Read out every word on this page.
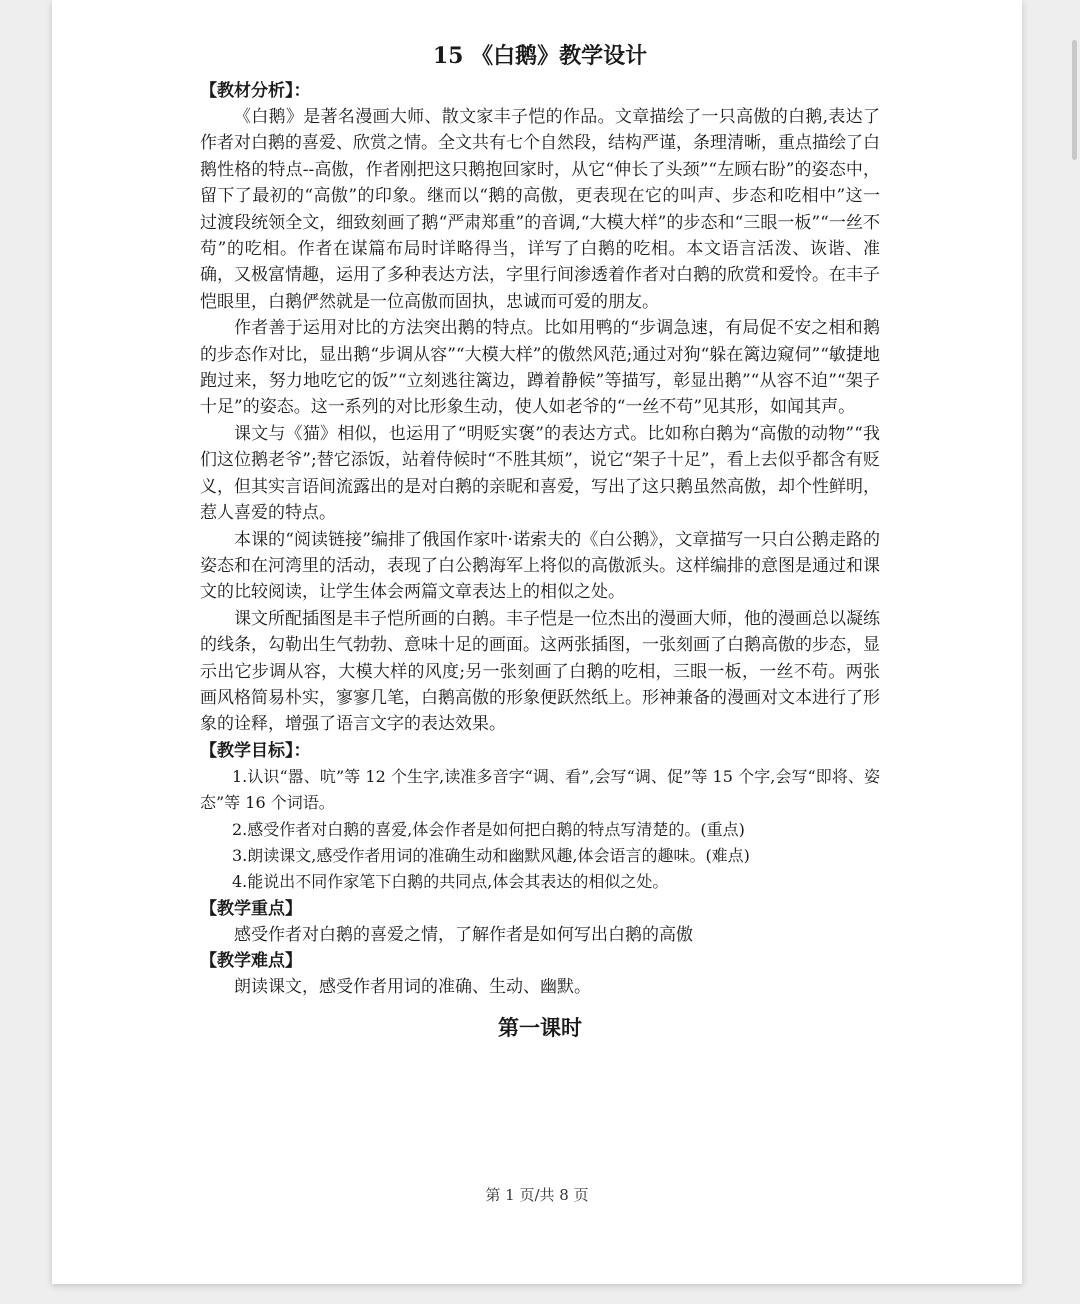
15 《白鹅》教学设计
【教材分析】：

《白鹅》是著名漫画大师、散文家丰子恺的作品。文章描绘了一只高傲的白鹅,表达了作者对白鹅的喜爱、欣赏之情。全文共有七个自然段，结构严谨，条理清晰，重点描绘了白鹅性格的特点--高傲，作者刚把这只鹅抱回家时，从它“伸长了头颈”“左顾右盼”的姿态中，留下了最初的“高傲”的印象。继而以“鹅的高傲，更表现在它的叫声、步态和吃相中”这一过渡段统领全文，细致刻画了鹅“严肃郑重”的音调,“大模大样”的步态和“三眼一板”“一丝不苟”的吃相。作者在谋篇布局时详略得当，详写了白鹅的吃相。本文语言活泼、诙谐、准确，又极富情趣，运用了多种表达方法，字里行间渗透着作者对白鹅的欣赏和爱怜。在丰子恺眼里，白鹅俨然就是一位高傲而固执，忠诚而可爱的朋友。

作者善于运用对比的方法突出鹅的特点。比如用鸭的“步调急速，有局促不安之相和鹅的步态作对比，显出鹅“步调从容”“大模大样”的傲然风范;通过对狗“躲在篱边窥伺”“敏捷地跑过来，努力地吃它的饭”“立刻逃往篱边，蹲着静候”等描写，彰显出鹅”“从容不迫”“架子十足”的姿态。这一系列的对比形象生动，使人如老爷的“一丝不苟”见其形，如闻其声。

课文与《猫》相似，也运用了“明贬实褒”的表达方式。比如称白鹅为“高傲的动物”“我们这位鹅老爷”;替它添饭，站着侍候时“不胜其烦”，说它“架子十足”，看上去似乎都含有贬义，但其实言语间流露出的是对白鹅的亲昵和喜爱，写出了这只鹅虽然高傲，却个性鲜明，惹人喜爱的特点。

本课的“阅读链接”编排了俄国作家叶·诺索夫的《白公鹅》，文章描写一只白公鹅走路的姿态和在河湾里的活动，表现了白公鹅海军上将似的高傲派头。这样编排的意图是通过和课文的比较阅读，让学生体会两篇文章表达上的相似之处。

课文所配插图是丰子恺所画的白鹅。丰子恺是一位杰出的漫画大师，他的漫画总以凝练的线条，勾勒出生气勃勃、意味十足的画面。这两张插图，一张刻画了白鹅高傲的步态，显示出它步调从容，大模大样的风度;另一张刻画了白鹅的吃相，三眼一板，一丝不苟。两张画风格简易朴实，寥寥几笔，白鹅高傲的形象便跃然纸上。形神兼备的漫画对文本进行了形象的诠释，增强了语言文字的表达效果。

【教学目标】：

1.认识“嚣、吭”等 12 个生字,读准多音字“调、看”,会写“调、促”等 15 个字,会写“即将、姿态”等 16 个词语。

2.感受作者对白鹅的喜爱,体会作者是如何把白鹅的特点写清楚的。(重点)

3.朗读课文,感受作者用词的准确生动和幽默风趣,体会语言的趣味。(难点)

4.能说出不同作家笔下白鹅的共同点,体会其表达的相似之处。

【教学重点】

感受作者对白鹅的喜爱之情，了解作者是如何写出白鹅的高傲

【教学难点】

朗读课文，感受作者用词的准确、生动、幽默。

第一课时
第 1 页/共 8 页
